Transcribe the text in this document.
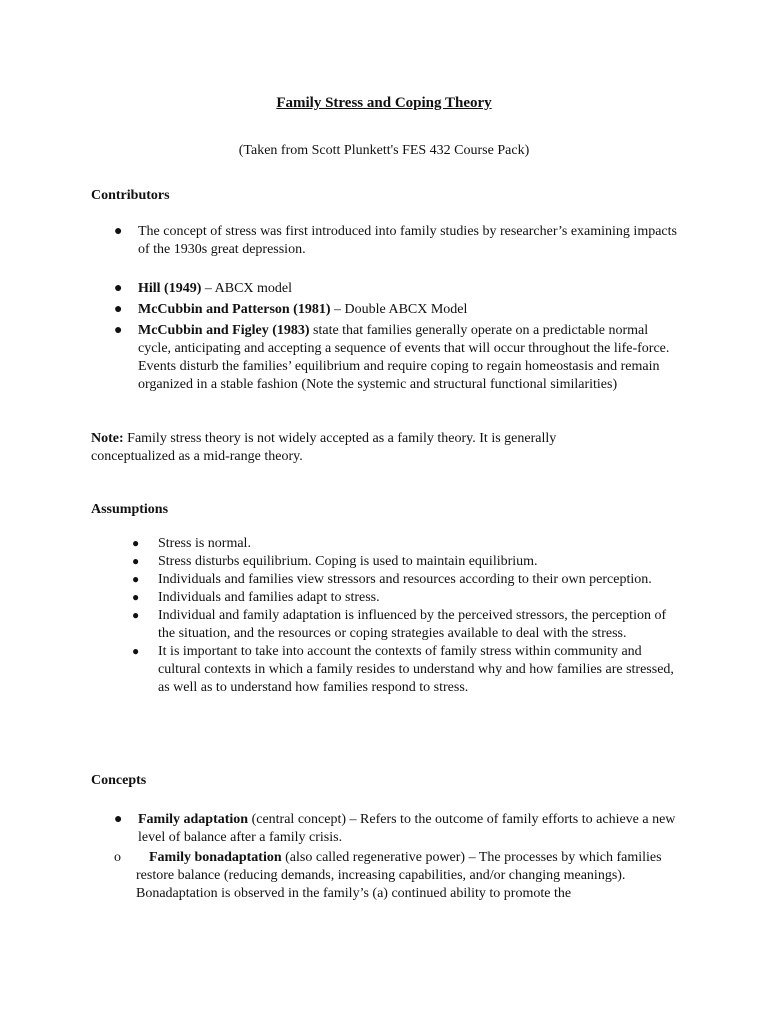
Family Stress and Coping Theory
(Taken from Scott Plunkett's FES 432 Course Pack)
Contributors
● The concept of stress was first introduced into family studies by researcher’s examining impacts of the 1930s great depression.
● Hill (1949) – ABCX model
● McCubbin and Patterson (1981) – Double ABCX Model
● McCubbin and Figley (1983) state that families generally operate on a predictable normal cycle, anticipating and accepting a sequence of events that will occur throughout the life-force. Events disturb the families’ equilibrium and require coping to regain homeostasis and remain organized in a stable fashion (Note the systemic and structural functional similarities)
Note: Family stress theory is not widely accepted as a family theory. It is generally conceptualized as a mid-range theory.
Assumptions
● Stress is normal.
● Stress disturbs equilibrium. Coping is used to maintain equilibrium.
● Individuals and families view stressors and resources according to their own perception.
● Individuals and families adapt to stress.
● Individual and family adaptation is influenced by the perceived stressors, the perception of the situation, and the resources or coping strategies available to deal with the stress.
● It is important to take into account the contexts of family stress within community and cultural contexts in which a family resides to understand why and how families are stressed, as well as to understand how families respond to stress.
Concepts
● Family adaptation (central concept) – Refers to the outcome of family efforts to achieve a new level of balance after a family crisis.
o	Family bonadaptation (also called regenerative power) – The processes by which families restore balance (reducing demands, increasing capabilities, and/or changing meanings). Bonadaptation is observed in the family’s (a) continued ability to promote the
